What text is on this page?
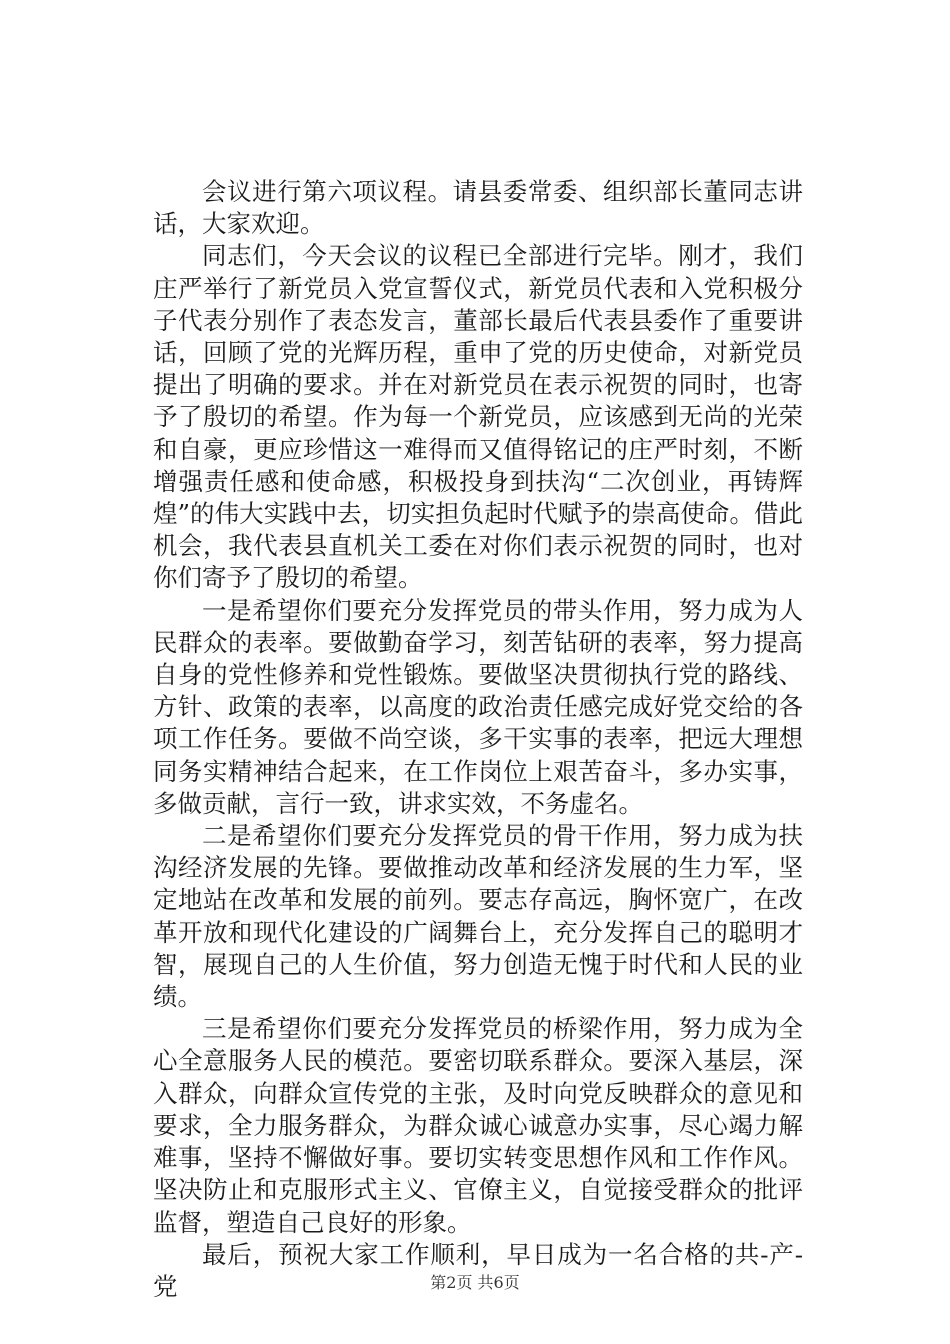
会议进行第六项议程。请县委常委、组织部长董同志讲话，大家欢迎。

同志们，今天会议的议程已全部进行完毕。刚才，我们庄严举行了新党员入党宣誓仪式，新党员代表和入党积极分子代表分别作了表态发言，董部长最后代表县委作了重要讲话，回顾了党的光辉历程，重申了党的历史使命，对新党员提出了明确的要求。并在对新党员在表示祝贺的同时，也寄予了殷切的希望。作为每一个新党员，应该感到无尚的光荣和自豪，更应珍惜这一难得而又值得铭记的庄严时刻，不断增强责任感和使命感，积极投身到扶沟“二次创业，再铸辉煌”的伟大实践中去，切实担负起时代赋予的崇高使命。借此机会，我代表县直机关工委在对你们表示祝贺的同时，也对你们寄予了殷切的希望。

一是希望你们要充分发挥党员的带头作用，努力成为人民群众的表率。要做勤奋学习，刻苦钻研的表率，努力提高自身的党性修养和党性锻炼。要做坚决贯彻执行党的路线、方针、政策的表率，以高度的政治责任感完成好党交给的各项工作任务。要做不尚空谈，多干实事的表率，把远大理想同务实精神结合起来，在工作岗位上艰苦奋斗，多办实事，多做贡献，言行一致，讲求实效，不务虚名。

二是希望你们要充分发挥党员的骨干作用，努力成为扶沟经济发展的先锋。要做推动改革和经济发展的生力军，坚定地站在改革和发展的前列。要志存高远，胸怀宽广，在改革开放和现代化建设的广阔舞台上，充分发挥自己的聪明才智，展现自己的人生价值，努力创造无愧于时代和人民的业绩。

三是希望你们要充分发挥党员的桥梁作用，努力成为全心全意服务人民的模范。要密切联系群众。要深入基层，深入群众，向群众宣传党的主张，及时向党反映群众的意见和要求，全力服务群众，为群众诚心诚意办实事，尽心竭力解难事，坚持不懈做好事。要切实转变思想作风和工作作风。坚决防止和克服形式主义、官僚主义，自觉接受群众的批评监督，塑造自己良好的形象。

最后，预祝大家工作顺利，早日成为一名合格的共-产-党	第2页 共6页
